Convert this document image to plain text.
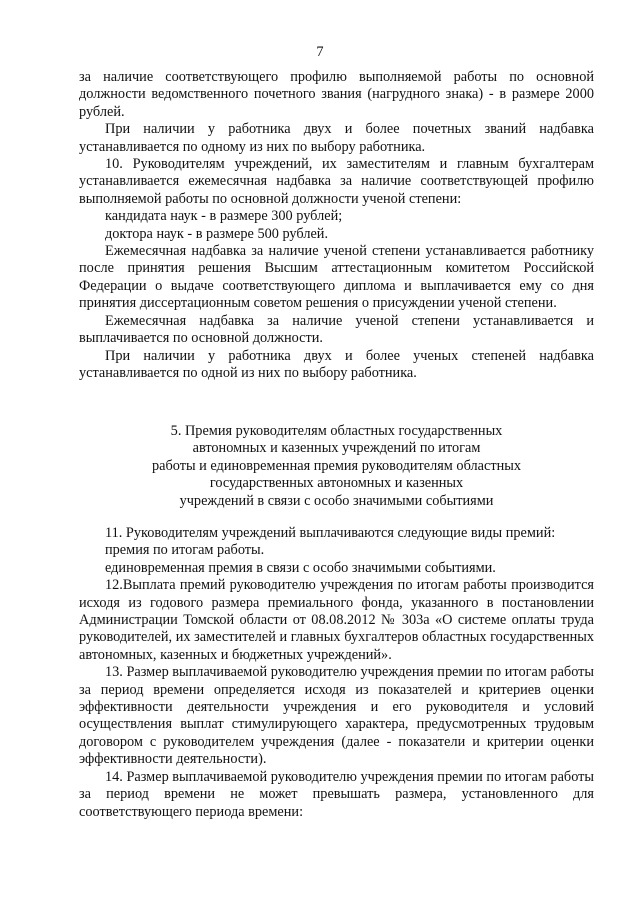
7

за наличие соответствующего профилю выполняемой работы по основной должности ведомственного почетного звания (нагрудного знака) - в размере 2000 рублей.

При наличии у работника двух и более почетных званий надбавка устанавливается по одному из них по выбору работника.

10. Руководителям учреждений, их заместителям и главным бухгалтерам устанавливается ежемесячная надбавка за наличие соответствующей профилю выполняемой работы по основной должности ученой степени:

кандидата наук - в размере 300 рублей;

доктора наук - в размере 500 рублей.

Ежемесячная надбавка за наличие ученой степени устанавливается работнику после принятия решения Высшим аттестационным комитетом Российской Федерации о выдаче соответствующего диплома и выплачивается ему со дня принятия диссертационным советом решения о присуждении ученой степени.

Ежемесячная надбавка за наличие ученой степени устанавливается и выплачивается по основной должности.

При наличии у работника двух и более ученых степеней надбавка устанавливается по одной из них по выбору работника.

5. Премия руководителям областных государственных
автономных и казенных учреждений по итогам
работы и единовременная премия руководителям областных
государственных автономных и казенных
учреждений в связи с особо значимыми событиями

11. Руководителям учреждений выплачиваются следующие виды премий:

премия по итогам работы.

единовременная премия в связи с особо значимыми событиями.

12.Выплата премий руководителю учреждения по итогам работы производится исходя из годового размера премиального фонда, указанного в постановлении Администрации Томской области от 08.08.2012 № 303а «О системе оплаты труда руководителей, их заместителей и главных бухгалтеров областных государственных автономных, казенных и бюджетных учреждений».

13. Размер выплачиваемой руководителю учреждения премии по итогам работы за период времени определяется исходя из показателей и критериев оценки эффективности деятельности учреждения и его руководителя и условий осуществления выплат стимулирующего характера, предусмотренных трудовым договором с руководителем учреждения (далее - показатели и критерии оценки эффективности деятельности).

14. Размер выплачиваемой руководителю учреждения премии по итогам работы за период времени не может превышать размера, установленного для соответствующего периода времени:
